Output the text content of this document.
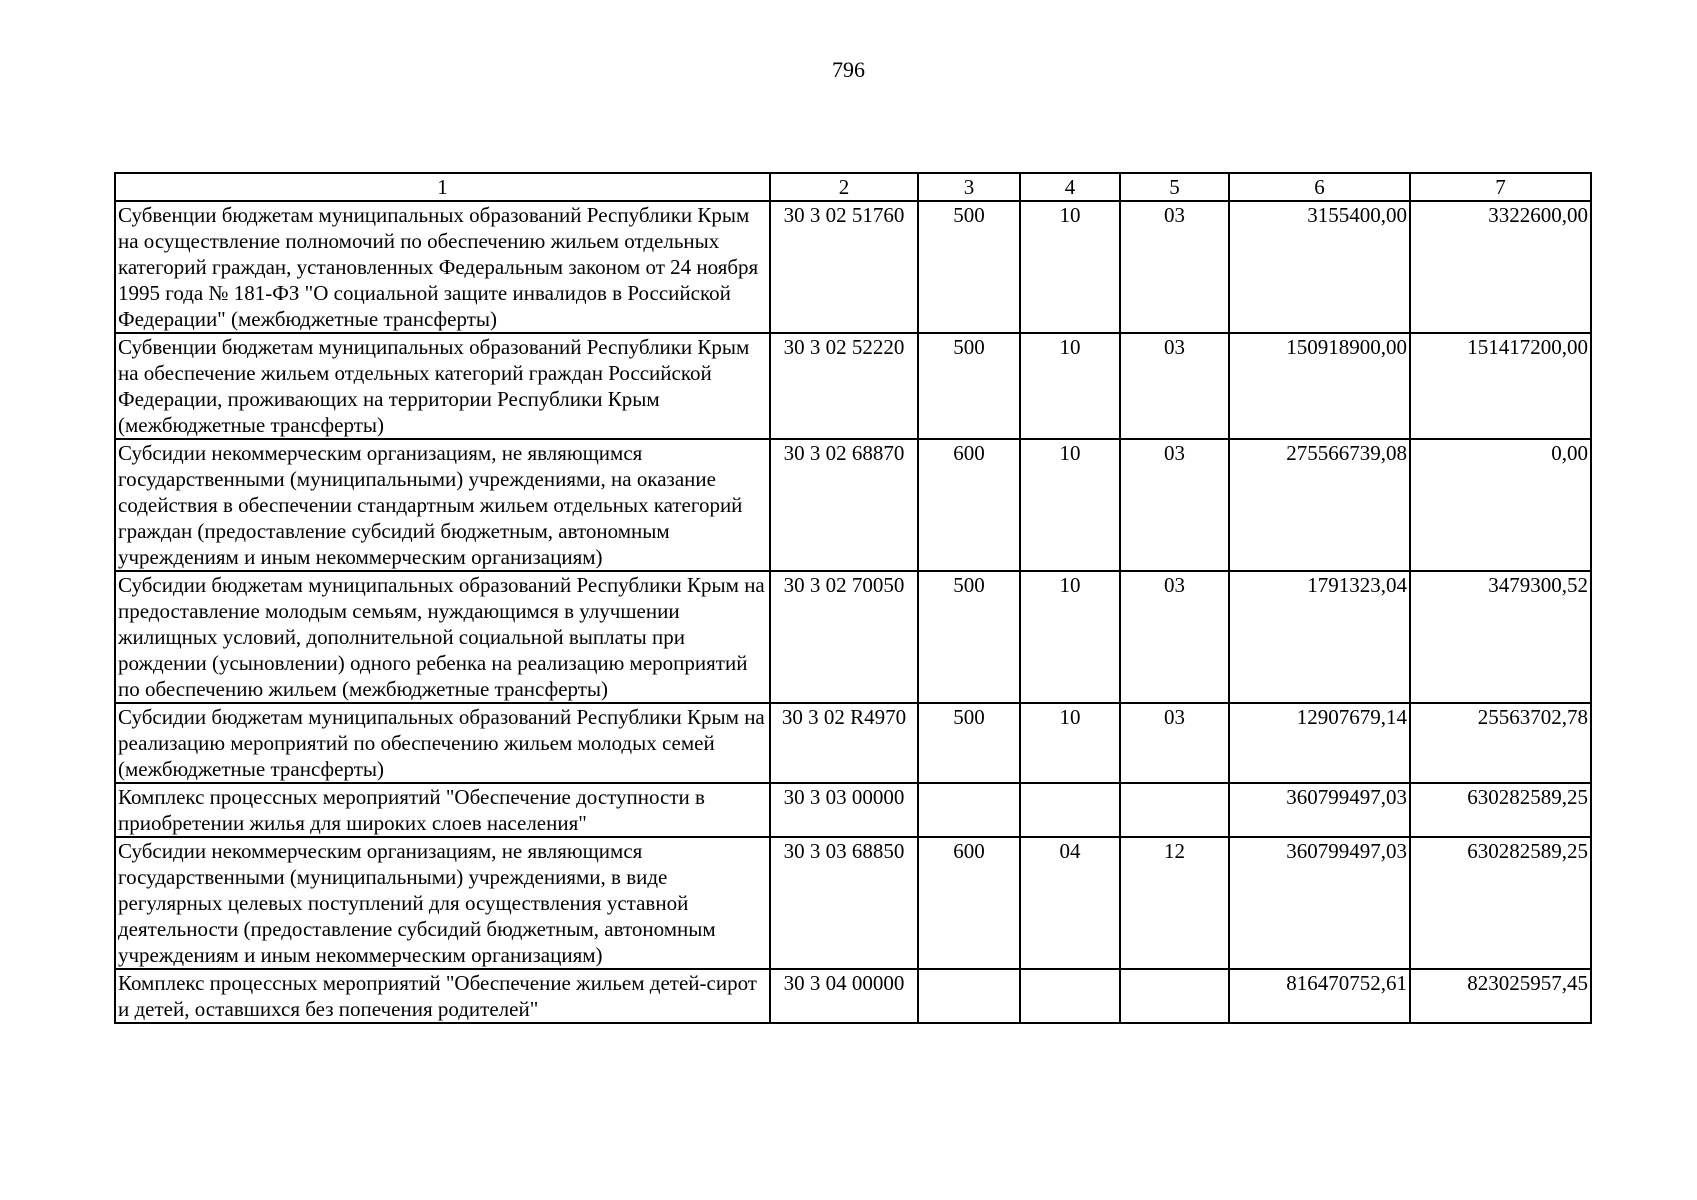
796
1	2	3	4	5	6	7
Субвенции бюджетам муниципальных образований Республики Крым на осуществление полномочий по обеспечению жильем отдельных категорий граждан, установленных Федеральным законом от 24 ноября 1995 года № 181-ФЗ "О социальной защите инвалидов в Российской Федерации" (межбюджетные трансферты)	30 3 02 51760	500	10	03	3155400,00	3322600,00
Субвенции бюджетам муниципальных образований Республики Крым на обеспечение жильем отдельных категорий граждан Российской Федерации, проживающих на территории Республики Крым (межбюджетные трансферты)	30 3 02 52220	500	10	03	150918900,00	151417200,00
Субсидии некоммерческим организациям, не являющимся государственными (муниципальными) учреждениями, на оказание содействия в обеспечении стандартным жильем отдельных категорий граждан (предоставление субсидий бюджетным, автономным учреждениям и иным некоммерческим организациям)	30 3 02 68870	600	10	03	275566739,08	0,00
Субсидии бюджетам муниципальных образований Республики Крым на предоставление молодым семьям, нуждающимся в улучшении жилищных условий, дополнительной социальной выплаты при рождении (усыновлении) одного ребенка на реализацию мероприятий по обеспечению жильем (межбюджетные трансферты)	30 3 02 70050	500	10	03	1791323,04	3479300,52
Субсидии бюджетам муниципальных образований Республики Крым на реализацию мероприятий по обеспечению жильем молодых семей (межбюджетные трансферты)	30 3 02 R4970	500	10	03	12907679,14	25563702,78
Комплекс процессных мероприятий "Обеспечение доступности в приобретении жилья для широких слоев населения"	30 3 03 00000				360799497,03	630282589,25
Субсидии некоммерческим организациям, не являющимся государственными (муниципальными) учреждениями, в виде регулярных целевых поступлений для осуществления уставной деятельности (предоставление субсидий бюджетным, автономным учреждениям и иным некоммерческим организациям)	30 3 03 68850	600	04	12	360799497,03	630282589,25
Комплекс процессных мероприятий "Обеспечение жильем детей-сирот и детей, оставшихся без попечения родителей"	30 3 04 00000				816470752,61	823025957,45
